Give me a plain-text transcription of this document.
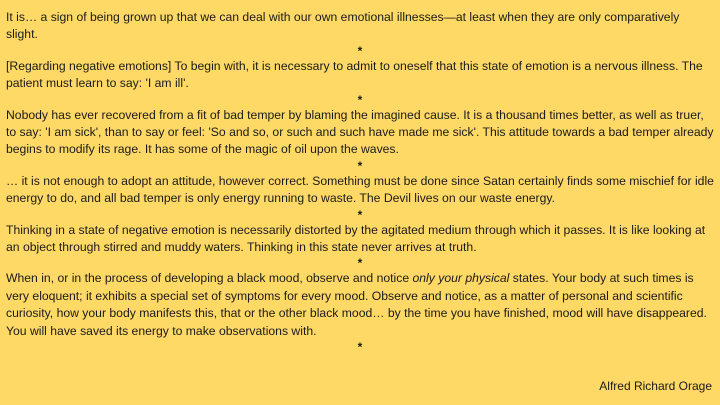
It is… a sign of being grown up that we can deal with our own emotional illnesses—at least when they are only comparatively slight.

*

[Regarding negative emotions] To begin with, it is necessary to admit to oneself that this state of emotion is a nervous illness. The patient must learn to say: 'I am ill'.

*

Nobody has ever recovered from a fit of bad temper by blaming the imagined cause. It is a thousand times better, as well as truer, to say: 'I am sick', than to say or feel: 'So and so, or such and such have made me sick'. This attitude towards a bad temper already begins to modify its rage. It has some of the magic of oil upon the waves.

*

… it is not enough to adopt an attitude, however correct. Something must be done since Satan certainly finds some mischief for idle energy to do, and all bad temper is only energy running to waste. The Devil lives on our waste energy.

*

Thinking in a state of negative emotion is necessarily distorted by the agitated medium through which it passes. It is like looking at an object through stirred and muddy waters. Thinking in this state never arrives at truth.

*

When in, or in the process of developing a black mood, observe and notice only your physical states. Your body at such times is very eloquent; it exhibits a special set of symptoms for every mood. Observe and notice, as a matter of personal and scientific curiosity, how your body manifests this, that or the other black mood… by the time you have finished, mood will have disappeared. You will have saved its energy to make observations with.

*

Alfred Richard Orage
